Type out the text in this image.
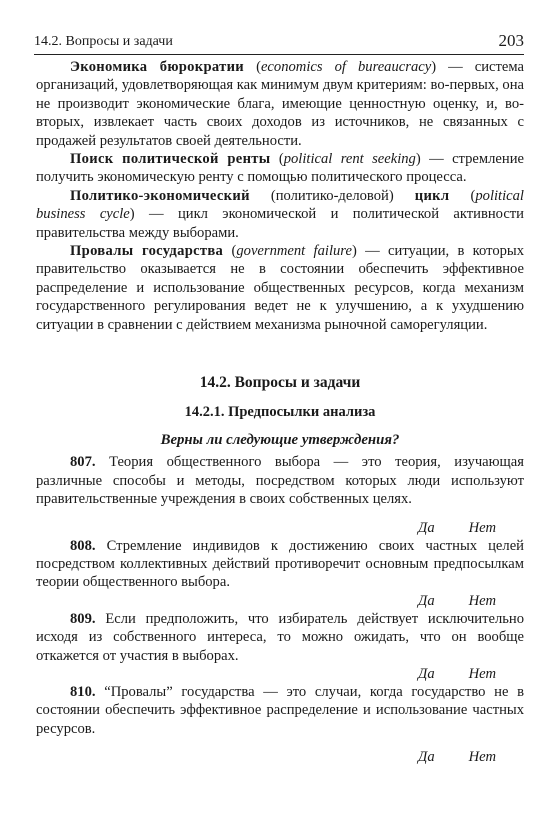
14.2. Вопросы и задачи	203

Экономика бюрократии (economics of bureaucracy) — система организаций, удовлетворяющая как минимум двум критериям: во-первых, она не производит экономические блага, имеющие ценностную оценку, и, во-вторых, извлекает часть своих доходов из источников, не связанных с продажей результатов своей деятельности.

Поиск политической ренты (political rent seeking) — стремление получить экономическую ренту с помощью политического процесса.

Политико-экономический (политико-деловой) цикл (political business cycle) — цикл экономической и политической активности правительства между выборами.

Провалы государства (government failure) — ситуации, в которых правительство оказывается не в состоянии обеспечить эффективное распределение и использование общественных ресурсов, когда механизм государственного регулирования ведет не к улучшению, а к ухудшению ситуации в сравнении с действием механизма рыночной саморегуляции.

14.2. Вопросы и задачи
14.2.1. Предпосылки анализа
Верны ли следующие утверждения?

807. Теория общественного выбора — это теория, изучающая различные способы и методы, посредством которых люди используют правительственные учреждения в своих собственных целях.

Да Нет

808. Стремление индивидов к достижению своих частных целей посредством коллективных действий противоречит основным предпосылкам теории общественного выбора.

Да Нет

809. Если предположить, что избиратель действует исключительно исходя из собственного интереса, то можно ожидать, что он вообще откажется от участия в выборах.

Да Нет

810. “Провалы” государства — это случаи, когда государство не в состоянии обеспечить эффективное распределение и использование частных ресурсов.

Да Нет
